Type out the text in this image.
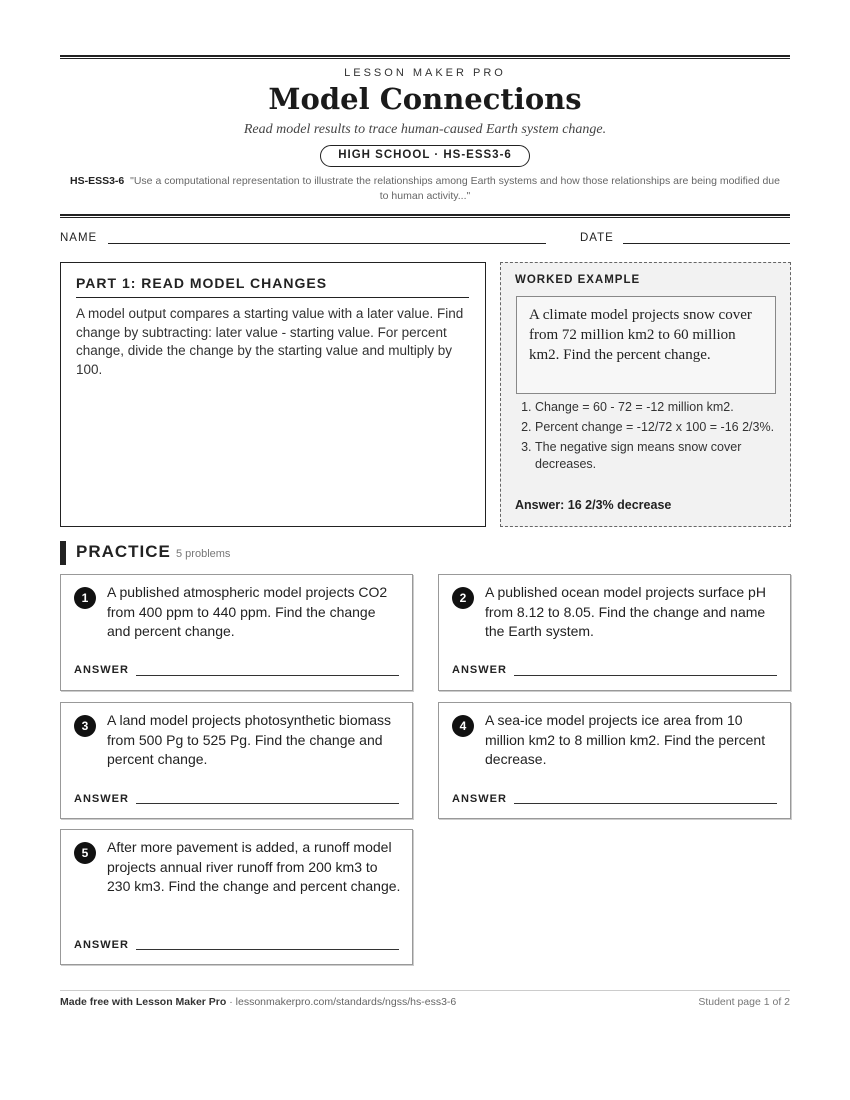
LESSON MAKER PRO
Model Connections
Read model results to trace human-caused Earth system change.
HIGH SCHOOL · HS-ESS3-6
HS-ESS3-6 "Use a computational representation to illustrate the relationships among Earth systems and how those relationships are being modified due to human activity..."
NAME	DATE
PART 1: READ MODEL CHANGES
A model output compares a starting value with a later value. Find change by subtracting: later value - starting value. For percent change, divide the change by the starting value and multiply by 100.
WORKED EXAMPLE
A climate model projects snow cover from 72 million km2 to 60 million km2. Find the percent change.
1. Change = 60 - 72 = -12 million km2.
2. Percent change = -12/72 x 100 = -16 2/3%.
3. The negative sign means snow cover decreases.
Answer: 16 2/3% decrease
PRACTICE 5 problems
1	A published atmospheric model projects CO2 from 400 ppm to 440 ppm. Find the change and percent change.
ANSWER
2	A published ocean model projects surface pH from 8.12 to 8.05. Find the change and name the Earth system.
ANSWER
3	A land model projects photosynthetic biomass from 500 Pg to 525 Pg. Find the change and percent change.
ANSWER
4	A sea-ice model projects ice area from 10 million km2 to 8 million km2. Find the percent decrease.
ANSWER
5	After more pavement is added, a runoff model projects annual river runoff from 200 km3 to 230 km3. Find the change and percent change.
ANSWER
Made free with Lesson Maker Pro · lessonmakerpro.com/standards/ngss/hs-ess3-6	Student page 1 of 2
